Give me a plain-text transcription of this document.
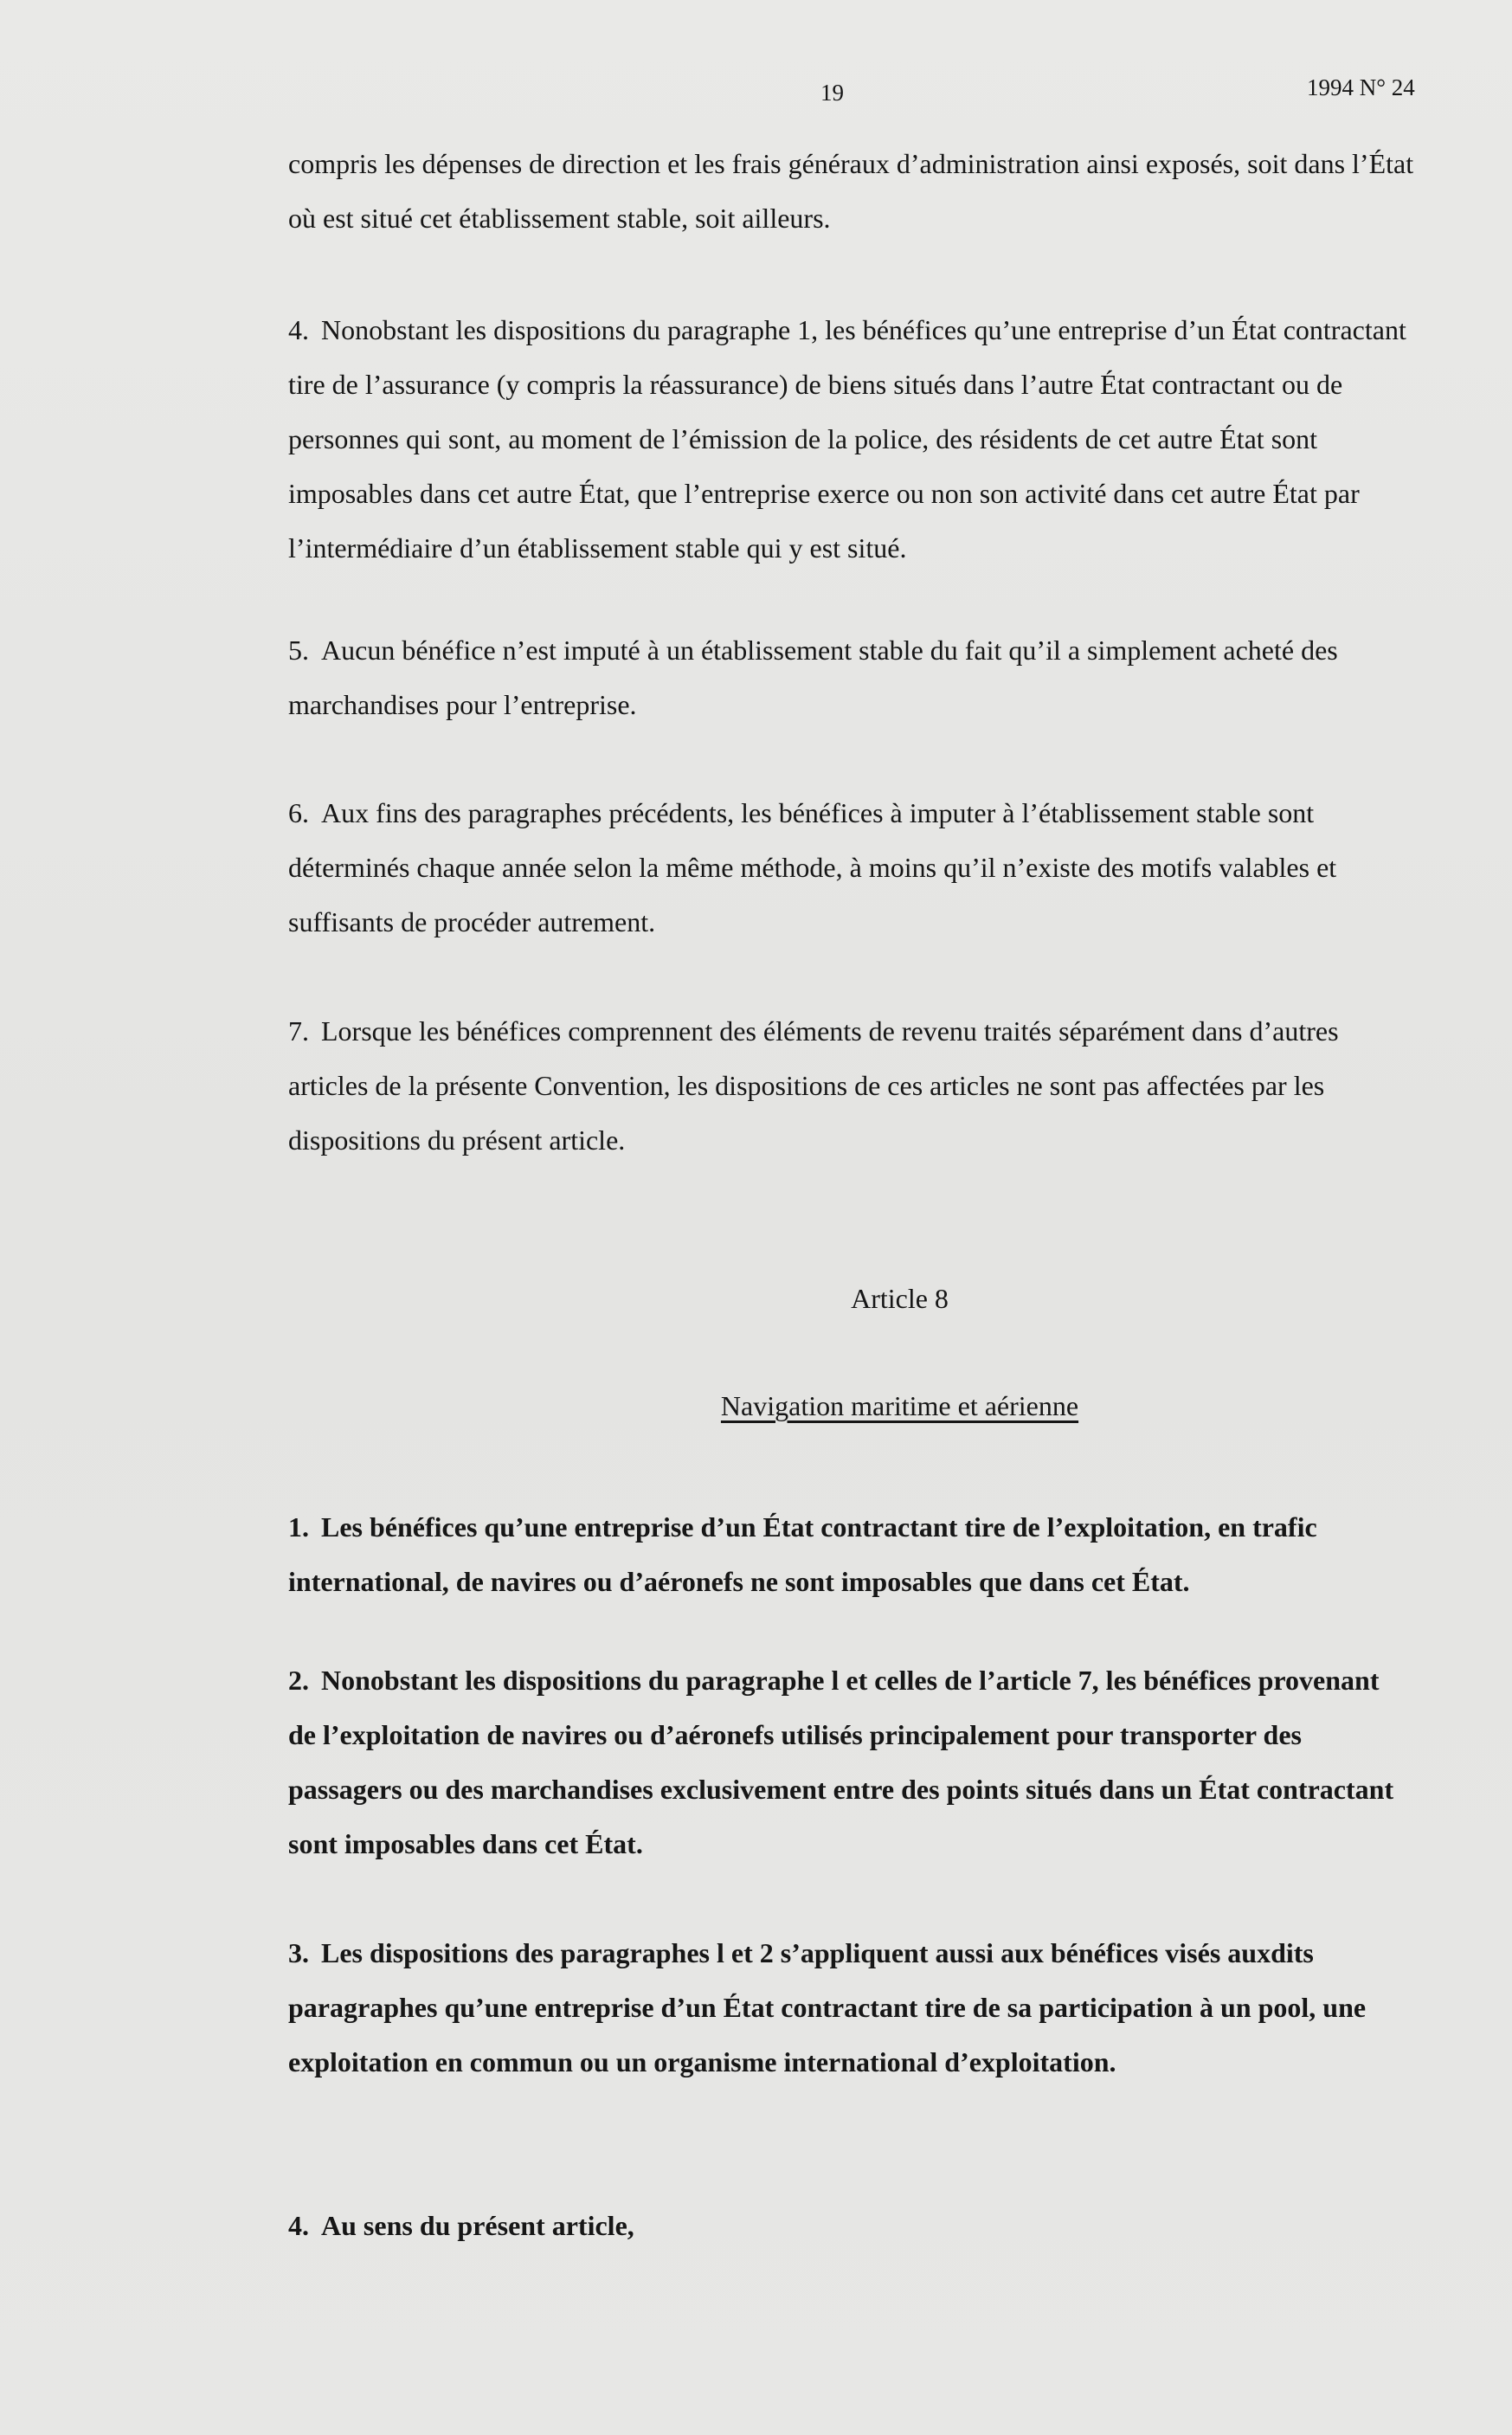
19	1994 N° 24

compris les dépenses de direction et les frais généraux d’administration ainsi exposés, soit dans l’État où est situé cet établissement stable, soit ailleurs.

4. Nonobstant les dispositions du paragraphe 1, les bénéfices qu’une entreprise d’un État contractant tire de l’assurance (y compris la réassurance) de biens situés dans l’autre État contractant ou de personnes qui sont, au moment de l’émission de la police, des résidents de cet autre État sont imposables dans cet autre État, que l’entreprise exerce ou non son activité dans cet autre État par l’intermédiaire d’un établissement stable qui y est situé.

5. Aucun bénéfice n’est imputé à un établissement stable du fait qu’il a simplement acheté des marchandises pour l’entreprise.

6. Aux fins des paragraphes précédents, les bénéfices à imputer à l’établissement stable sont déterminés chaque année selon la même méthode, à moins qu’il n’existe des motifs valables et suffisants de procéder autrement.

7. Lorsque les bénéfices comprennent des éléments de revenu traités séparément dans d’autres articles de la présente Convention, les dispositions de ces articles ne sont pas affectées par les dispositions du présent article.

Article 8
Navigation maritime et aérienne

1. Les bénéfices qu’une entreprise d’un État contractant tire de l’exploitation, en trafic international, de navires ou d’aéronefs ne sont imposables que dans cet État.

2. Nonobstant les dispositions du paragraphe l et celles de l’article 7, les bénéfices provenant de l’exploitation de navires ou d’aéronefs utilisés principalement pour transporter des passagers ou des marchandises exclusivement entre des points situés dans un État contractant sont imposables dans cet État.

3. Les dispositions des paragraphes l et 2 s’appliquent aussi aux bénéfices visés auxdits paragraphes qu’une entreprise d’un État contractant tire de sa participation à un pool, une exploitation en commun ou un organisme international d’exploitation.

4. Au sens du présent article,
